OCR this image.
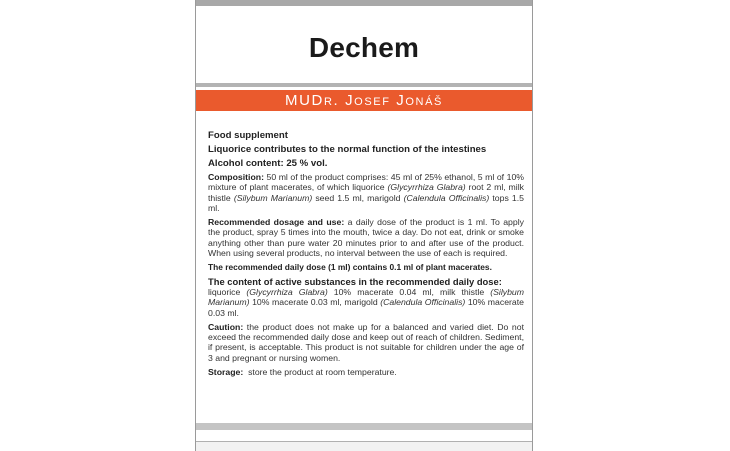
Dechem
MUDr. Josef Jonáš

Food supplement

Liquorice contributes to the normal function of the intestines

Alcohol content: 25 % vol.

Composition: 50 ml of the product comprises: 45 ml of 25% ethanol, 5 ml of 10% mixture of plant macerates, of which liquorice (Glycyrrhiza Glabra) root 2 ml, milk thistle (Silybum Marianum) seed 1.5 ml, marigold (Calendula Officinalis) tops 1.5 ml.

Recommended dosage and use: a daily dose of the product is 1 ml. To apply the product, spray 5 times into the mouth, twice a day. Do not eat, drink or smoke anything other than pure water 20 minutes prior to and after use of the product. When using several products, no interval between the use of each is required.

The recommended daily dose (1 ml) contains 0.1 ml of plant macerates.

The content of active substances in the recommended daily dose:
liquorice (Glycyrrhiza Glabra) 10% macerate 0.04 ml, milk thistle (Silybum Marianum) 10% macerate 0.03 ml, marigold (Calendula Officinalis) 10% macerate 0.03 ml.

Caution: the product does not make up for a balanced and varied diet. Do not exceed the recommended daily dose and keep out of reach of children. Sediment, if present, is acceptable. This product is not suitable for children under the age of 3 and pregnant or nursing women.

Storage:  store the product at room temperature.
